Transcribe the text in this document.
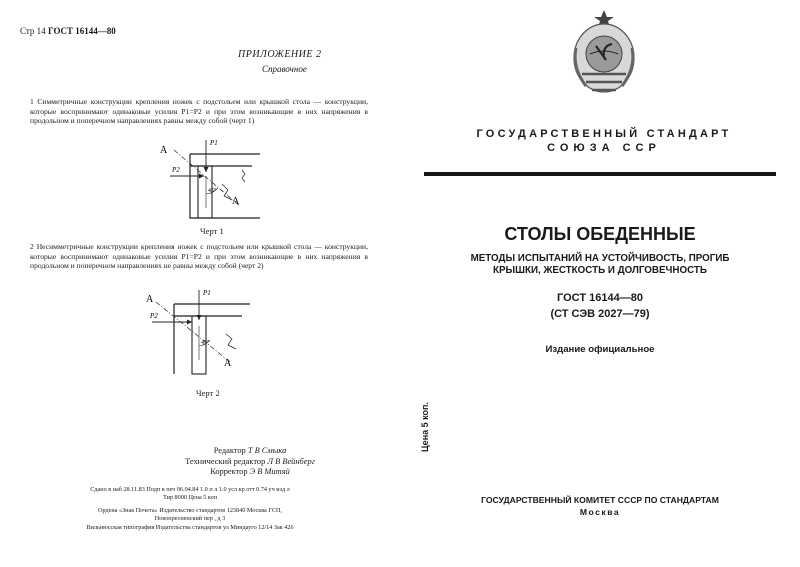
Стр 14 ГОСТ 16144—80
ПРИЛОЖЕНИЕ 2
Справочное
1 Симметричные конструкции крепления ножек с подстольем или крышкой стола — конструкции, которые воспринимают одинаковые усилия P1=P2 и при этом возникающие в них напряжения в продольном и поперечном направлениях равны между собой (черт 1)
A
A
P1
P2
45°
Черт 1
2 Несимметричные конструкции крепления ножек с подстольем или крышкой стола — конструкции, которые воспринимают одинаковые усилия P1=P2 и при этом возникающие в них напряжения в продольном и поперечном направлениях не равны между собой (черт 2)
A
A
P1
P2
45°
Черт 2
Редактор Т В Смыка
Технический редактор Л В Вейнберг
Корректор Э В Митяй
Сдано в наб 28.11.83 Подп в печ 06.04.84 1.0 п л 1.0 усл кр отт 0.74 уч изд л
Тир 8000 Цена 5 коп
Ордена «Знак Почета» Издательство стандартов 123840 Москва ГСП,
Новопресненский пер , д 3
Вильнюсская типография Издательства стандартов ул Миндауго 12/14 Зак 426
ГОСУДАРСТВЕННЫЙ СТАНДАРТ
СОЮЗА ССР
СТОЛЫ ОБЕДЕННЫЕ
МЕТОДЫ ИСПЫТАНИЙ НА УСТОЙЧИВОСТЬ, ПРОГИБ
КРЫШКИ, ЖЕСТКОСТЬ И ДОЛГОВЕЧНОСТЬ
ГОСТ 16144—80
(СТ СЭВ 2027—79)
Издание официальное
Цена 5 коп.
ГОСУДАРСТВЕННЫЙ КОМИТЕТ СССР ПО СТАНДАРТАМ
Москва
